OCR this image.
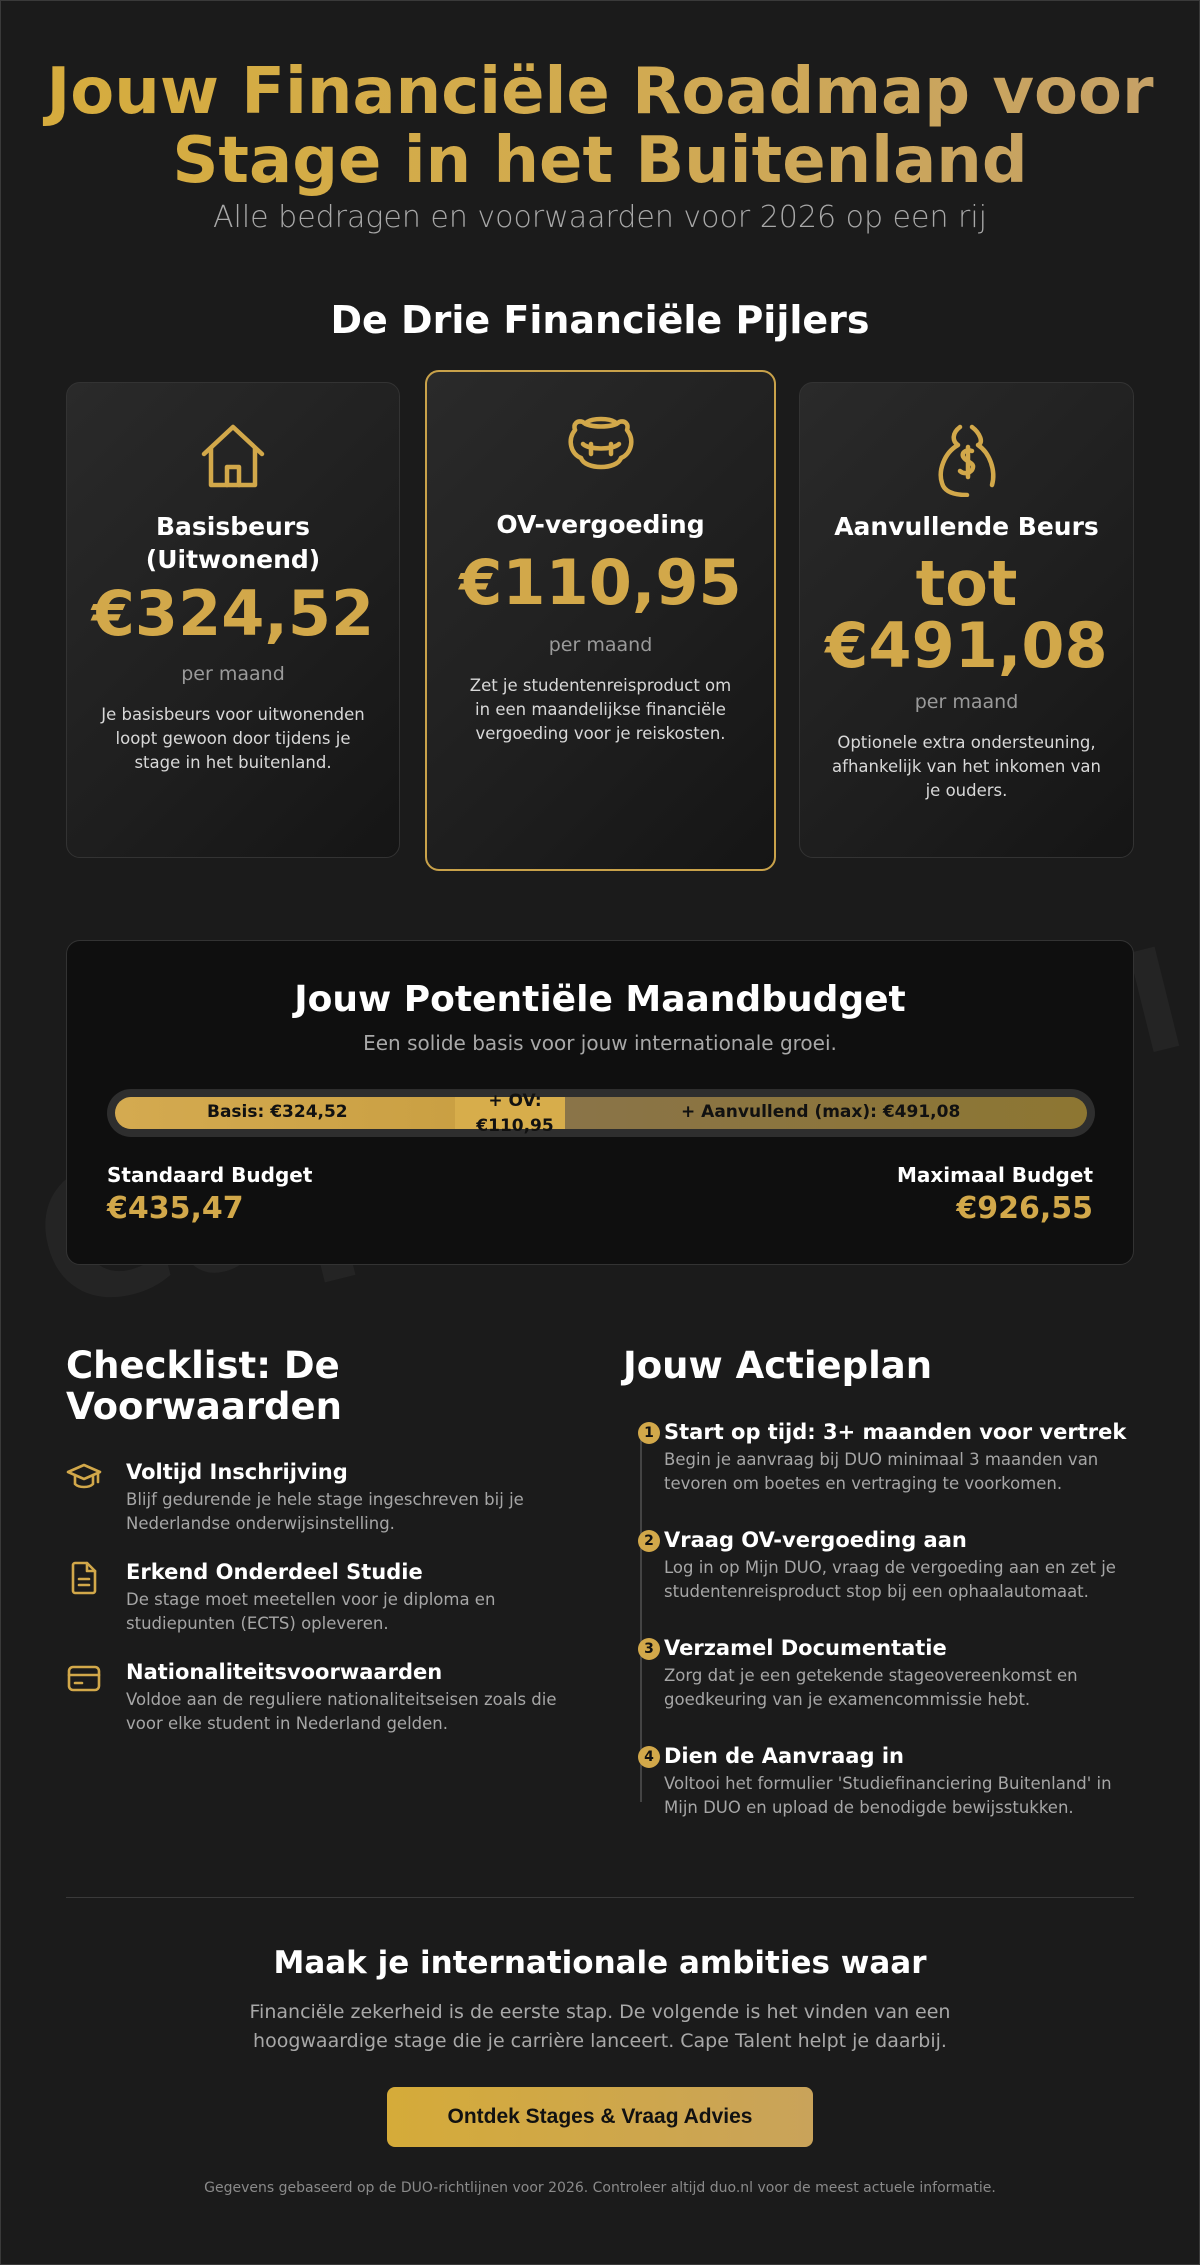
Jouw Financiële Roadmap voor
Stage in het Buitenland
Alle bedragen en voorwaarden voor 2026 op een rij
De Drie Financiële Pijlers
Basisbeurs
(Uitwonend)
€324,52
per maand
Je basisbeurs voor uitwonenden loopt gewoon door tijdens je stage in het buitenland.
OV-vergoeding
€110,95
per maand
Zet je studentenreisproduct om in een maandelijkse financiële vergoeding voor je reiskosten.
Aanvullende Beurs
tot
€491,08
per maand
Optionele extra ondersteuning, afhankelijk van het inkomen van je ouders.
Jouw Potentiële Maandbudget
Een solide basis voor jouw internationale groei.
Basis: €324,52
+ OV:
€110,95
+ Aanvullend (max): €491,08
Standaard Budget
€435,47
Maximaal Budget
€926,55
Checklist: De
Voorwaarden
Voltijd Inschrijving
Blijf gedurende je hele stage ingeschreven bij je Nederlandse onderwijsinstelling.
Erkend Onderdeel Studie
De stage moet meetellen voor je diploma en studiepunten (ECTS) opleveren.
Nationaliteitsvoorwaarden
Voldoe aan de reguliere nationaliteitseisen zoals die voor elke student in Nederland gelden.
Jouw Actieplan
1 Start op tijd: 3+ maanden voor vertrek
Begin je aanvraag bij DUO minimaal 3 maanden van tevoren om boetes en vertraging te voorkomen.
2 Vraag OV-vergoeding aan
Log in op Mijn DUO, vraag de vergoeding aan en zet je studentenreisproduct stop bij een ophaalautomaat.
3 Verzamel Documentatie
Zorg dat je een getekende stageovereenkomst en goedkeuring van je examencommissie hebt.
4 Dien de Aanvraag in
Voltooi het formulier 'Studiefinanciering Buitenland' in Mijn DUO en upload de benodigde bewijsstukken.
Maak je internationale ambities waar
Financiële zekerheid is de eerste stap. De volgende is het vinden van een hoogwaardige stage die je carrière lanceert. Cape Talent helpt je daarbij.
Ontdek Stages & Vraag Advies
Gegevens gebaseerd op de DUO-richtlijnen voor 2026. Controleer altijd duo.nl voor de meest actuele informatie.
